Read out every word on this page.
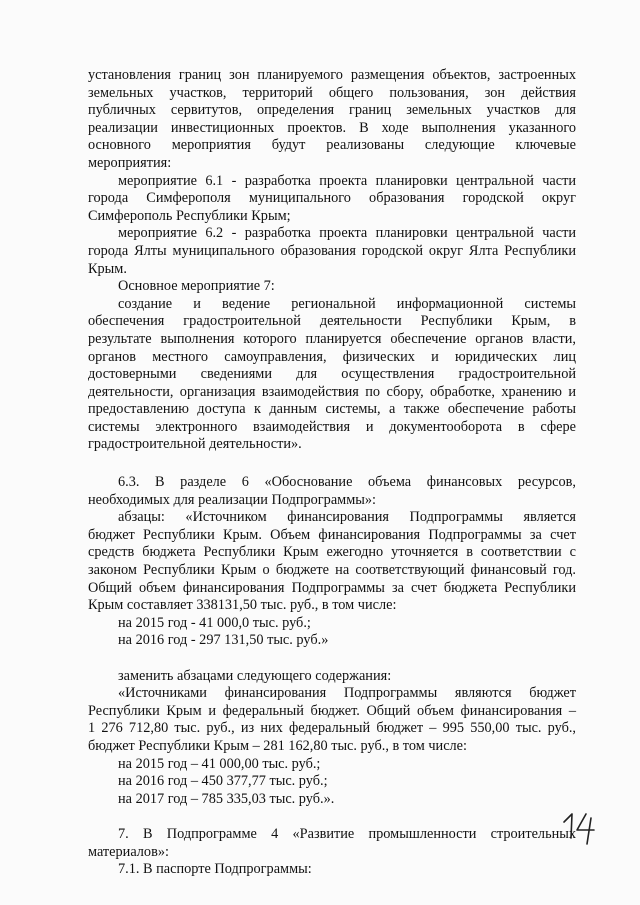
установления границ зон планируемого размещения объектов, застроенных
земельных участков, территорий общего пользования, зон действия
публичных сервитутов, определения границ земельных участков для
реализации инвестиционных проектов. В ходе выполнения указанного
основного мероприятия будут реализованы следующие ключевые
мероприятия:
мероприятие 6.1 - разработка проекта планировки центральной части
города Симферополя муниципального образования городской округ
Симферополь Республики Крым;
мероприятие 6.2 - разработка проекта планировки центральной части
города Ялты муниципального образования городской округ Ялта Республики
Крым.
Основное мероприятие 7:
создание и ведение региональной информационной системы
обеспечения градостроительной деятельности Республики Крым, в
результате выполнения которого планируется обеспечение органов власти,
органов местного самоуправления, физических и юридических лиц
достоверными сведениями для осуществления градостроительной
деятельности, организация взаимодействия по сбору, обработке, хранению и
предоставлению доступа к данным системы, а также обеспечение работы
системы электронного взаимодействия и документооборота в сфере
градостроительной деятельности».
6.3. В разделе 6 «Обоснование объема финансовых ресурсов,
необходимых для реализации Подпрограммы»:
абзацы: «Источником финансирования Подпрограммы является
бюджет Республики Крым. Объем финансирования Подпрограммы за счет
средств бюджета Республики Крым ежегодно уточняется в соответствии с
законом Республики Крым о бюджете на соответствующий финансовый год.
Общий объем финансирования Подпрограммы за счет бюджета Республики
Крым составляет 338131,50 тыс. руб., в том числе:
на 2015 год - 41 000,0 тыс. руб.;
на 2016 год - 297 131,50 тыс. руб.»
заменить абзацами следующего содержания:
«Источниками финансирования Подпрограммы являются бюджет
Республики Крым и федеральный бюджет. Общий объем финансирования –
1 276 712,80 тыс. руб., из них федеральный бюджет – 995 550,00 тыс. руб.,
бюджет Республики Крым – 281 162,80 тыс. руб., в том числе:
на 2015 год – 41 000,00 тыс. руб.;
на 2016 год – 450 377,77 тыс. руб.;
на 2017 год – 785 335,03 тыс. руб.».
7. В Подпрограмме 4 «Развитие промышленности строительных
материалов»:
7.1. В паспорте Подпрограммы:
